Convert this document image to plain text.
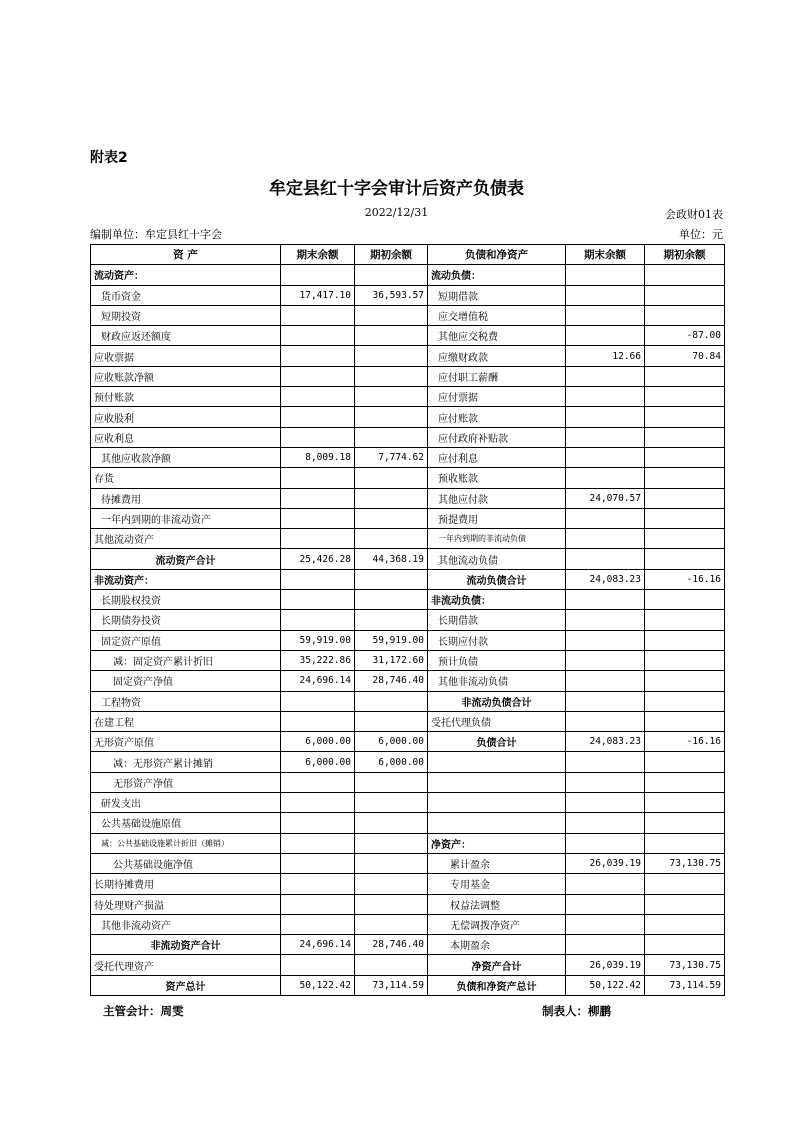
附表2
牟定县红十字会审计后资产负债表
2022/12/31	会政财01表
编制单位：牟定县红十字会	单位：元
资 产	期末余额	期初余额	负债和净资产	期末余额	期初余额
流动资产：			流动负债：		
货币资金	17,417.10	36,593.57	短期借款		
短期投资			应交增值税		
财政应返还额度			其他应交税费		-87.00
应收票据			应缴财政款	12.66	70.84
应收账款净额			应付职工薪酬		
预付账款			应付票据		
应收股利			应付账款		
应收利息			应付政府补贴款		
其他应收款净额	8,009.18	7,774.62	应付利息		
存货			预收账款		
待摊费用			其他应付款	24,070.57	
一年内到期的非流动资产			预提费用		
其他流动资产			一年内到期的非流动负债		
流动资产合计	25,426.28	44,368.19	其他流动负债		
非流动资产：			流动负债合计	24,083.23	-16.16
长期股权投资			非流动负债：		
长期债券投资			长期借款		
固定资产原值	59,919.00	59,919.00	长期应付款		
减：固定资产累计折旧	35,222.86	31,172.60	预计负债		
固定资产净值	24,696.14	28,746.40	其他非流动负债		
工程物资			非流动负债合计		
在建工程			受托代理负债		
无形资产原值	6,000.00	6,000.00	负债合计	24,083.23	-16.16
减：无形资产累计摊销	6,000.00	6,000.00			
无形资产净值					
研发支出					
公共基础设施原值					
减：公共基础设施累计折旧（摊销）			净资产：		
公共基础设施净值			累计盈余	26,039.19	73,130.75
长期待摊费用			专用基金		
待处理财产损溢			权益法调整		
其他非流动资产			无偿调拨净资产		
非流动资产合计	24,696.14	28,746.40	本期盈余		
受托代理资产			净资产合计	26,039.19	73,130.75
资产总计	50,122.42	73,114.59	负债和净资产总计	50,122.42	73,114.59
主管会计：周雯	制表人：柳鹏
